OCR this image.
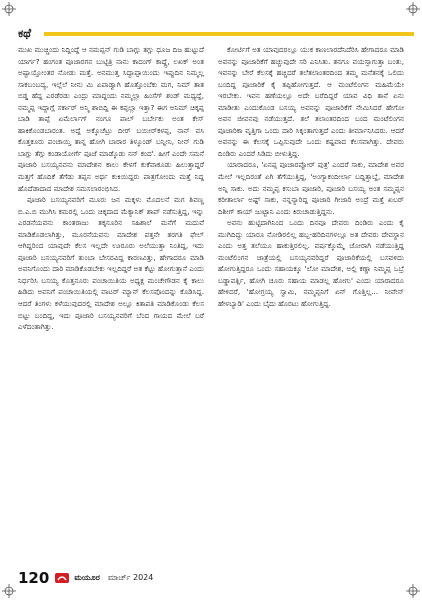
ಕಥೆ

ಮುಖ ಮುಚ್ಚಿಂದು ನಿದ್ದಿಂದ್ದೆ ಆ ನಮಪ್ಪನ್ ಗುಡಿ ಬಾಗ್ಲು ತಗ್ಲು ಧೂಜ ದಿಜ ಹುಟ್ಟುದೆ ಯಾರ್ಗ? ಹಂಗಂತ ಪೂಜಾರಗನ ಬುಟ್ಟಿತ್ರಿ ನಾನು ಕಾದಂಗ್ ಕಾದ್ದ್ರೆ, ಲಖಕ್ ಅಂತ ಅಷ್ಟಾಯ್ತೋಂತರ ನೋಡು ಮತ್ತೆ. ಅನಮುತ್ತ ಸಿದ್ಧಾಪ್ಪಾಯಿಂದು ಇಪ್ಪುದಿನ ನಿಮ್ಮಲ್ಲ ಸಾಕಬಂಬದ್ಯ, ಇಲ್ಲೆಲೆ ನೀನು ಮಿ ಏಪಾಡ್ವಾಗಿ ಹೊತ್ತೊಂಬೆಕು ಮಗ, ನಿಮ್ ತಾತ ಬಿಡ್ಡ ಹೆದ್ದ ಎರಡೆರಡು ಎಂದ್ರು ಮಾದ್ದಂದು ನಮ್ಮಲ್ಲಾ ಹಿಂಸೆಗ್ ಶಂಡ್ ಮಧ್ಯದ್ದೆ, ನಮ್ಮಪ್ಪ ಇದ್ದಾಗ್ಲೆ ಸರ್ಕಾರ್ ಅನ್ಮಿ ಶಾಬಿದ್ದಿ ಈ ಕಪ್ಪಲ್ಲಾ ಇತ್ತಾ? ಈಗ ಅನಿಮ್ ಚಿಕ್ಕಪ್ಪ ಬಾಡಿ ತಾಪ್ಪೆ ಏಮೆರ್ಲಾಗ್ ನಂಗೂ ಪಾಲ್ ಬರ್ಬೇಕು ಅಂತ ಕೇಸ್ ಹಾಕಿಕೊಂಡಬಾರಂತ. ಅದ್ದೆ ಅಕ್ಕೊಚೆಟ್ರು ದೀರ್ ಬಯೀರ್‌ಕಳಪ್ಪ, ನಾನ್ ವಸಿ ಕೊತ್ತಕೂರು ಪಂಚಾಯ್ತಿ ತಾನ್ನ ಹೋಗಿ ಬಾರಾರ ತಿಳ್ಕೂಂಡ್ ಬನ್ನೀನಿ, ನೀನ್ ಗುಡಿ ಬಾಗ್ಲು ತೆಗ್ಗು ಕಂಡಾಯೋರ್ಗೆ ಪೂಜೆ ಮಾಡ್ಕೊಡು ನನ್ ಕಂದ'. ಹೀಗೆ ಎಂದೇ ಸಮನೆ ಪೂಜಾರಿ ಬಸಯ್ಯನವನು ಮಾದೇಶನ ಕಾಲು ಕೇಳಗೆ ಕುಕೆವಾಕೂಡು ಹಿಲುತ್ತಾದ್ದರೆ ಮತ್ತಗೆ ಹೊದಿಕೆ ತೆಗೆಡು ತಪ್ಪನ ಅರ್ಥ ಕುಕಿಯಿದ್ದರು ಪಾತ್ರಗೋಂದು ಮತ್ತೆ ನಿದ್ದ ಹೊದೆಡಾದಾದ ಮಾದೇಶ ಸಮಸಲಾರಂಭಿಸಿದ.

ಪೂಜಾರಿ ಬಸಯ್ಯನವರಿಗೆ ಮೂರು ಜನ ಮಕ್ಕಳು ಮೊದಲನೆ ಮಗ ಶಿವಣ್ಣ ಬಿ.ಎ.ಬಿ ಮುಗಿಸಿ ಕಮರಲ್ಲಿ ಒಂದು ಚಿಕ್ಕದಾದ ಮೆಕ್ಯಾನಿಕ್ ಶಾಪ್ ನಡೆಸುತ್ತಿದ್ದ, ಇನ್ನು ಎರಡನೆಯವನು ಕಾಂತರಾಜು ತಕ್ಕನೂರಿನ ಸಹಿಶಾಲೆ ಮನೆಗೆ ಮದುವೆ ಮಾಡಿಕೊಡಲಾಗಿತ್ತು, ಮೂರನೆಯವನು ಮಾದೇಶ ಪತ್ತನೇ ತರಗತಿ ಫೇಲ್ ಆಗಿದ್ದರಿಂದ ಯಾವುದೇ ಕೆಲಸ ಇಲ್ಲದೇ ಊರೂರು ಅಲೆಯುತ್ತಾ ನಿಂತಿದ್ದ, ಇದು ಪೂಜಾರಿ ಬಸಯ್ಯನವರಿಗೆ ತುಂಬಾ ಬೇಸರವಿದ್ದ ಕಾರಣವಿತ್ತು, ಹೇಗಾದರೂ ಮಾಡಿ ಅವನಿಗೊಂದು ದಾರಿ ಮಾಡಿಕೊಡಬೇಕು ಇಲ್ಲದಿದ್ದರೆ ಅತ ಕೆಟ್ಟು ಹೋಗುತ್ತಾನೆ ಎಂದು ನಿರ್ಧರಿಸಿ ಬಸಯ್ಯ ಕೊತ್ತನೂರು ಪಂಚಾಯಿತಿಯ ಅಧ್ಯಕ್ಷ ಮಂಚೇಗೌಡನ ಕೈ ಕಾಲು ಹಿಡಿದು ಅವನಿಗೆ ಪಂಚಾಯಿತಿಯಲ್ಲಿ ವಾಟರ್ ಮ್ಯಾನ್ ಕೆಲಸವೊಂದನ್ನು ಕೊಡಿಸಿದ್ದ. ಆದರೆ ತಿಂಗಳು ಕಳೆಯುವುದರಲ್ಲಿ ಮಾದೇಶ ಅಲ್ಲೂ ಕಿತಾಪತಿ ಮಾಡಿಕೊಂಡು ಕೆಲಸ ಬಿಟ್ಟು ಬಂದಿದ್ದ, ಇದು ಪೂಜಾರಿ ಬಸಯ್ಯನವರಿಗೆ ಬೆಂದ ಗಾಯದ ಮೇಲೆ ಬರೆ ಎಳೆದಂತಾಗಿತ್ತು.

ಕೋರ್ಟಿಗೆ ಅತ ಯಾವುದರಲ್ಲೂ ಯುಕ ಕಾಣಲಾರದೆನಿದೆರಿಸಿ ಹೇಗಾದರೂ ಮಾಡಿ ಅವನನ್ನು ಪೂಜಾರಿಕೆಗೆ ಹಚ್ಚುವುದೇ ಸರಿ ಎನಿಸಿತು. ತನಗೂ ವಯಸ್ಸಾಗುತ್ತಾ ಬಂತು, ಇವನನ್ನು ಬೇರೆ ಕೆಲಸಕ್ಕೆ ಹಚ್ಚಿದರೆ ತಲೆತಲಾಂತರದಿಂದ ತಮ್ಮ ಮನೆತನಕ್ಕೆ ಒಲಿದು ಬಂದಿದ್ದ ಪೂಜಾರಿಕೆ ಕೈ ತಪ್ಪಿಹೋಗುತ್ತದೆ. ಆ ಮಂಟೆಲಿಂಗನ ಮಹಿಮೆಯೇ ಇರಬೇಕು. ಇವನ ಹಣೆಯಲ್ಲೂ ಅದೇ ಬರೆದಿದ್ದರೆ ಯಾವ ವಿಧಿ ತಾನೆ ಏನು ಮಾಡೀತು ಎಂದುಕೊಂಡ ಬಸಯ್ಯ ಅವನನ್ನು ಪೂಜಾರಿಕೆಗೆ ನೇಮಿಸಿದರೆ ಹೇಗೋ ಅವನ ಜೀವನವು ನಡೆಯುತ್ತದೆ. ತಲೆ ತಲಾಂತರದಿಂದ ಬಂದ ಮಂಟೆಲಿಂಗನ ಪೂಜಾರಿಕಾ ವೃತ್ತಿಗಾ ಒಂದು ದಾರಿ ಸಿಕ್ಕಂತಾಗುತ್ತದೆ ಎಂದು ತೀರ್ಮಾನಿಸಿದರು. ಆದರೆ ಅವನನ್ನು ಈ ಕೆಲಸಕ್ಕೆ ಒಪ್ಪಿಸುವುದೇ ಒಂದು ಕಷ್ಟವಾದ ಕೆಲಸವಾಗಿತ್ತು. ದೇವರು ದಿಂಡಿರು ಎಂದರೆ ಸಿಡಿದು ಬೀಳುತ್ತಿದ್ದ.

ಯಾರಾದರೂ, 'ಏನಪ್ಪ ಪೂಜಾರಪ್ಪೋರ್ ಪುತ್ರ' ಎಂದರೆ ಸಾಕು, ಮಾದೇಶ ಅವರ ಮೇಲೆ ಇಲ್ಲದಿರಂತೆ ಏಗಿ ತೆಗೆಯುತ್ತಿದ್ದ, 'ಅಂಗ್ಯಾಕಂದೀರ್ಲಾ ಬದ್ದಿತ್ತಾಬ್ದೆ, ಮಾದೇಶ ಅನ್ನಿ ಸಾಕು. ಅದು ನಮ್ಮಪ್ಪ ಕಸುಬಾ ಪೂಜಾರಿ, ಪೂಜಾರಿ ಬಸಯ್ಯ ಅಂತ ಸಮ್ಮಪ್ಪನ ಕರೀತಾರ್ಲಾ ಅಷ್ಟ್ ಸಾಕು, ನನ್ನನ್ಯಾರಿದ್ದ ಪೂಜಾರಿ ಗೀಜಾರಿ ಅಂದ್ರೆ ಮತ್ತೆ ಖಬರ್ ದಿಶೀಗ್ ಕಾಯ್ ಜುಟ್ಟಾನಿ ಎಂದು ಕಿರುಚಾಡುತ್ತಿದ್ದನು.

ಅವನು ಹುಟ್ಟಿದಾಗಿನಿಂದ ಒಂದು ದಿನವೂ ದೇವರು ದಿಂಡಿರು ಎಂದು ಕೈ ಮುಗಿದಿದ್ದು ಯಾರೂ ನೋಡಿರಲಿಲ್ಲ ಹಬ್ಬ-ಹರಿದಿನಗಳಲ್ಲೂ ಅತ ದೇವರು ದೇವಸ್ಥಾನ ಎಂದು ಅತ್ತ ತಲೆಯೂ ಹಾಕುತ್ತಿರಲಿಲ್ಲ. ವರ್ಷಕ್ಕೊಮ್ಮೆ ಜೋರಾಗಿ ನಡೆಯುತ್ತಿದ್ದ ಮಂಟೆಲಿಂಗನ ಜಾತ್ರೆಯಲ್ಲಿ ಬಸಯ್ಯನವರಿದ್ದರೆ ಪೂಜಾರಿಕೆಯಲ್ಲಿ ಬಸವಳಿದು ಹೋಗುತ್ತಿದ್ದರೂ ಒಂದು ಸಹಾಯಕ್ಕೂ 'ಲೋ ಮಾದೇಶ, ಅಲ್ಲಿ ಕಣ್ಣಾ ನಿಮ್ಮಪ್ಪ ಒಬ್ರೆ ಬಡ್ಡಾವರ್ತ್ಲಿ, ಹೋಗಿ ಚೂರು ಸಹಾಯ ಮಾಡಲ್ಲ ಹೋಗು' ಎಂದು ಯಾರಾದರೂ ಹೇಳಿದರೆ, 'ಹೋಗ್ರಯ್ಯ ಸ್ವಾಮಿ, ನಮ್ಮಪ್ಪನಿಗೆ ಏನ್ ಗೊತ್ತಿಲ್ಲ... ನೀವೇನ್ ಹೇಳಬ್ಯಾಡಿ' ಎಂದು ಬೈದು ಹೊರಟು ಹೋಗುತ್ತಿದ್ದ.

120	ಮಯೂರ ಮಾರ್ಚ್ 2024
